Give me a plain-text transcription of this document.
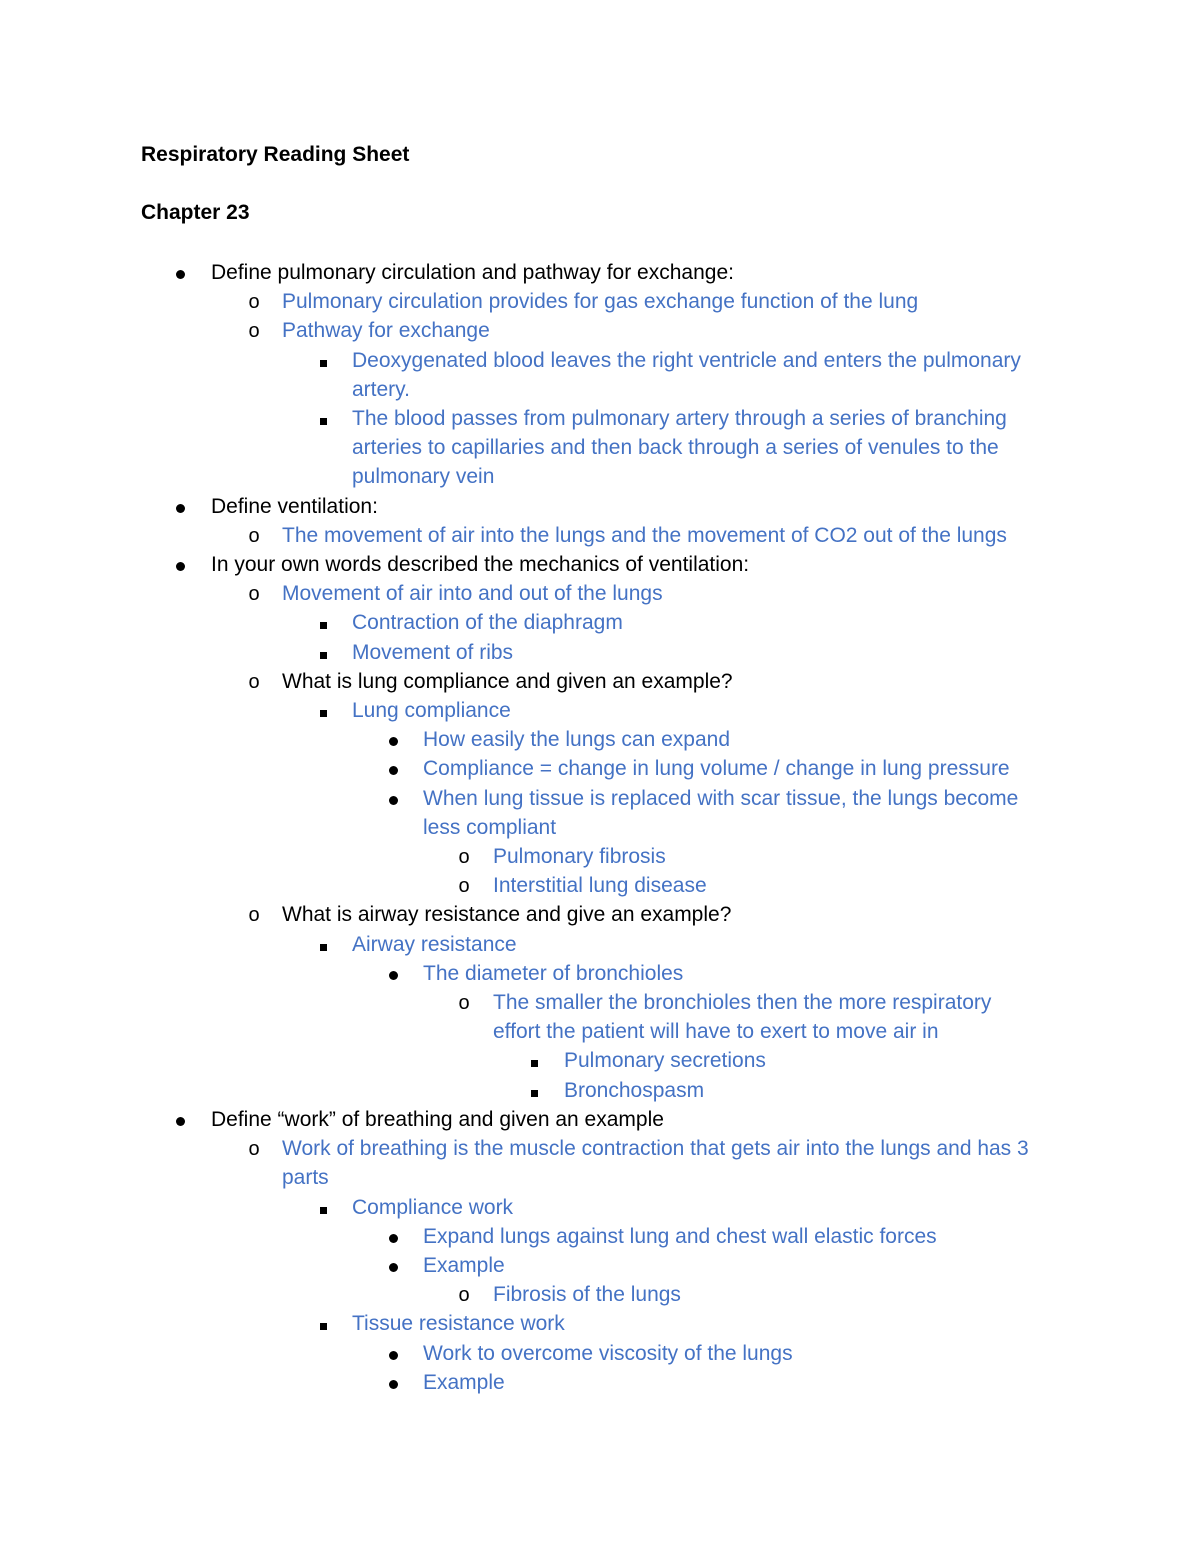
Respiratory Reading Sheet
Chapter 23
Define pulmonary circulation and pathway for exchange:
o Pulmonary circulation provides for gas exchange function of the lung
o Pathway for exchange
Deoxygenated blood leaves the right ventricle and enters the pulmonary artery.
The blood passes from pulmonary artery through a series of branching arteries to capillaries and then back through a series of venules to the pulmonary vein
Define ventilation:
o The movement of air into the lungs and the movement of CO2 out of the lungs
In your own words described the mechanics of ventilation:
o Movement of air into and out of the lungs
Contraction of the diaphragm
Movement of ribs
o What is lung compliance and given an example?
Lung compliance
How easily the lungs can expand
Compliance = change in lung volume / change in lung pressure
When lung tissue is replaced with scar tissue, the lungs become less compliant
o Pulmonary fibrosis
o Interstitial lung disease
o What is airway resistance and give an example?
Airway resistance
The diameter of bronchioles
o The smaller the bronchioles then the more respiratory effort the patient will have to exert to move air in
Pulmonary secretions
Bronchospasm
Define “work” of breathing and given an example
o Work of breathing is the muscle contraction that gets air into the lungs and has 3 parts
Compliance work
Expand lungs against lung and chest wall elastic forces
Example
o Fibrosis of the lungs
Tissue resistance work
Work to overcome viscosity of the lungs
Example
